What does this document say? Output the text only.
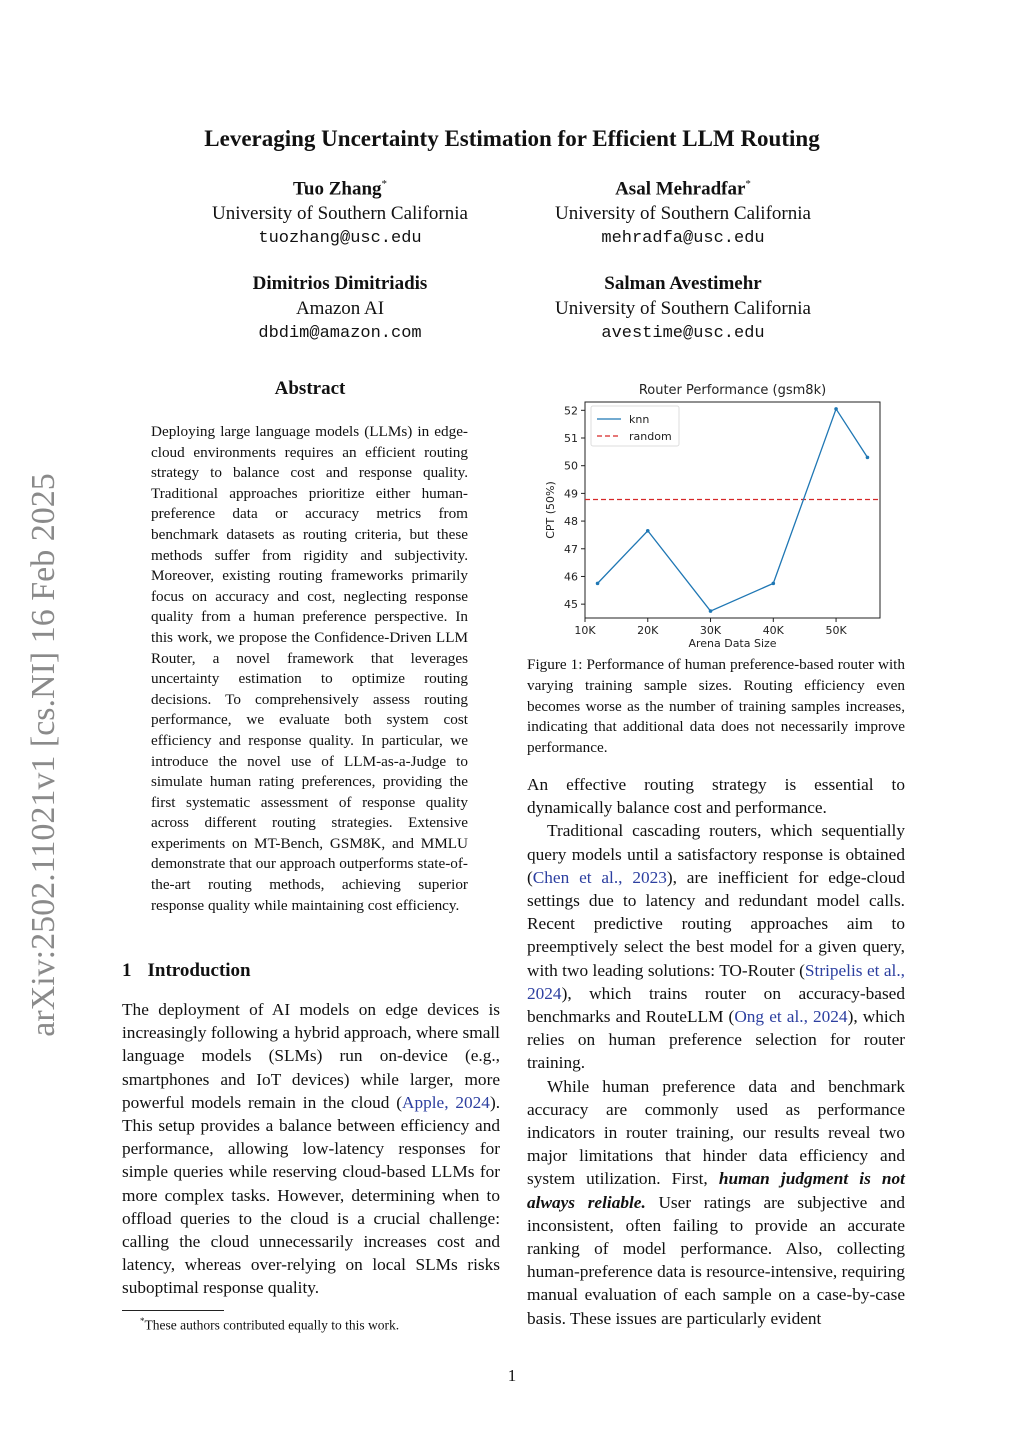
arXiv:2502.11021v1 [cs.NI] 16 Feb 2025
Leveraging Uncertainty Estimation for Efficient LLM Routing
Tuo Zhang*
University of Southern California
tuozhang@usc.edu
Asal Mehradfar*
University of Southern California
mehradfa@usc.edu
Dimitrios Dimitriadis
Amazon AI
dbdim@amazon.com
Salman Avestimehr
University of Southern California
avestime@usc.edu
Abstract
Deploying large language models (LLMs) in edge-cloud environments requires an efficient routing strategy to balance cost and response quality. Traditional approaches prioritize either human-preference data or accuracy metrics from benchmark datasets as routing criteria, but these methods suffer from rigidity and subjectivity. Moreover, existing routing frameworks primarily focus on accuracy and cost, neglecting response quality from a human preference perspective. In this work, we propose the Confidence-Driven LLM Router, a novel framework that leverages uncertainty estimation to optimize routing decisions. To comprehensively assess routing performance, we evaluate both system cost efficiency and response quality. In particular, we introduce the novel use of LLM-as-a-Judge to simulate human rating preferences, providing the first systematic assessment of response quality across different routing strategies. Extensive experiments on MT-Bench, GSM8K, and MMLU demonstrate that our approach outperforms state-of-the-art routing methods, achieving superior response quality while maintaining cost efficiency.
1 Introduction

The deployment of AI models on edge devices is increasingly following a hybrid approach, where small language models (SLMs) run on-device (e.g., smartphones and IoT devices) while larger, more powerful models remain in the cloud (Apple, 2024). This setup provides a balance between efficiency and performance, allowing low-latency responses for simple queries while reserving cloud-based LLMs for more complex tasks. However, determining when to offload queries to the cloud is a crucial challenge: calling the cloud unnecessarily increases cost and latency, whereas over-relying on local SLMs risks suboptimal response quality.

Router Performance (gsm8k)
45
46
47
48
49
50
51
52
10K	20K	30K	40K	50K
Arena Data Size
CPT (50%)
knn
random
Figure 1: Performance of human preference-based router with varying training sample sizes. Routing efficiency even becomes worse as the number of training samples increases, indicating that additional data does not necessarily improve performance.

An effective routing strategy is essential to dynamically balance cost and performance.

Traditional cascading routers, which sequentially query models until a satisfactory response is obtained (Chen et al., 2023), are inefficient for edge-cloud settings due to latency and redundant model calls. Recent predictive routing approaches aim to preemptively select the best model for a given query, with two leading solutions: TO-Router (Stripelis et al., 2024), which trains router on accuracy-based benchmarks and RouteLLM (Ong et al., 2024), which relies on human preference selection for router training.

While human preference data and benchmark accuracy are commonly used as performance indicators in router training, our results reveal two major limitations that hinder data efficiency and system utilization. First, human judgment is not always reliable. User ratings are subjective and inconsistent, often failing to provide an accurate ranking of model performance. Also, collecting human-preference data is resource-intensive, requiring manual evaluation of each sample on a case-by-case basis. These issues are particularly evident

*These authors contributed equally to this work.
1
